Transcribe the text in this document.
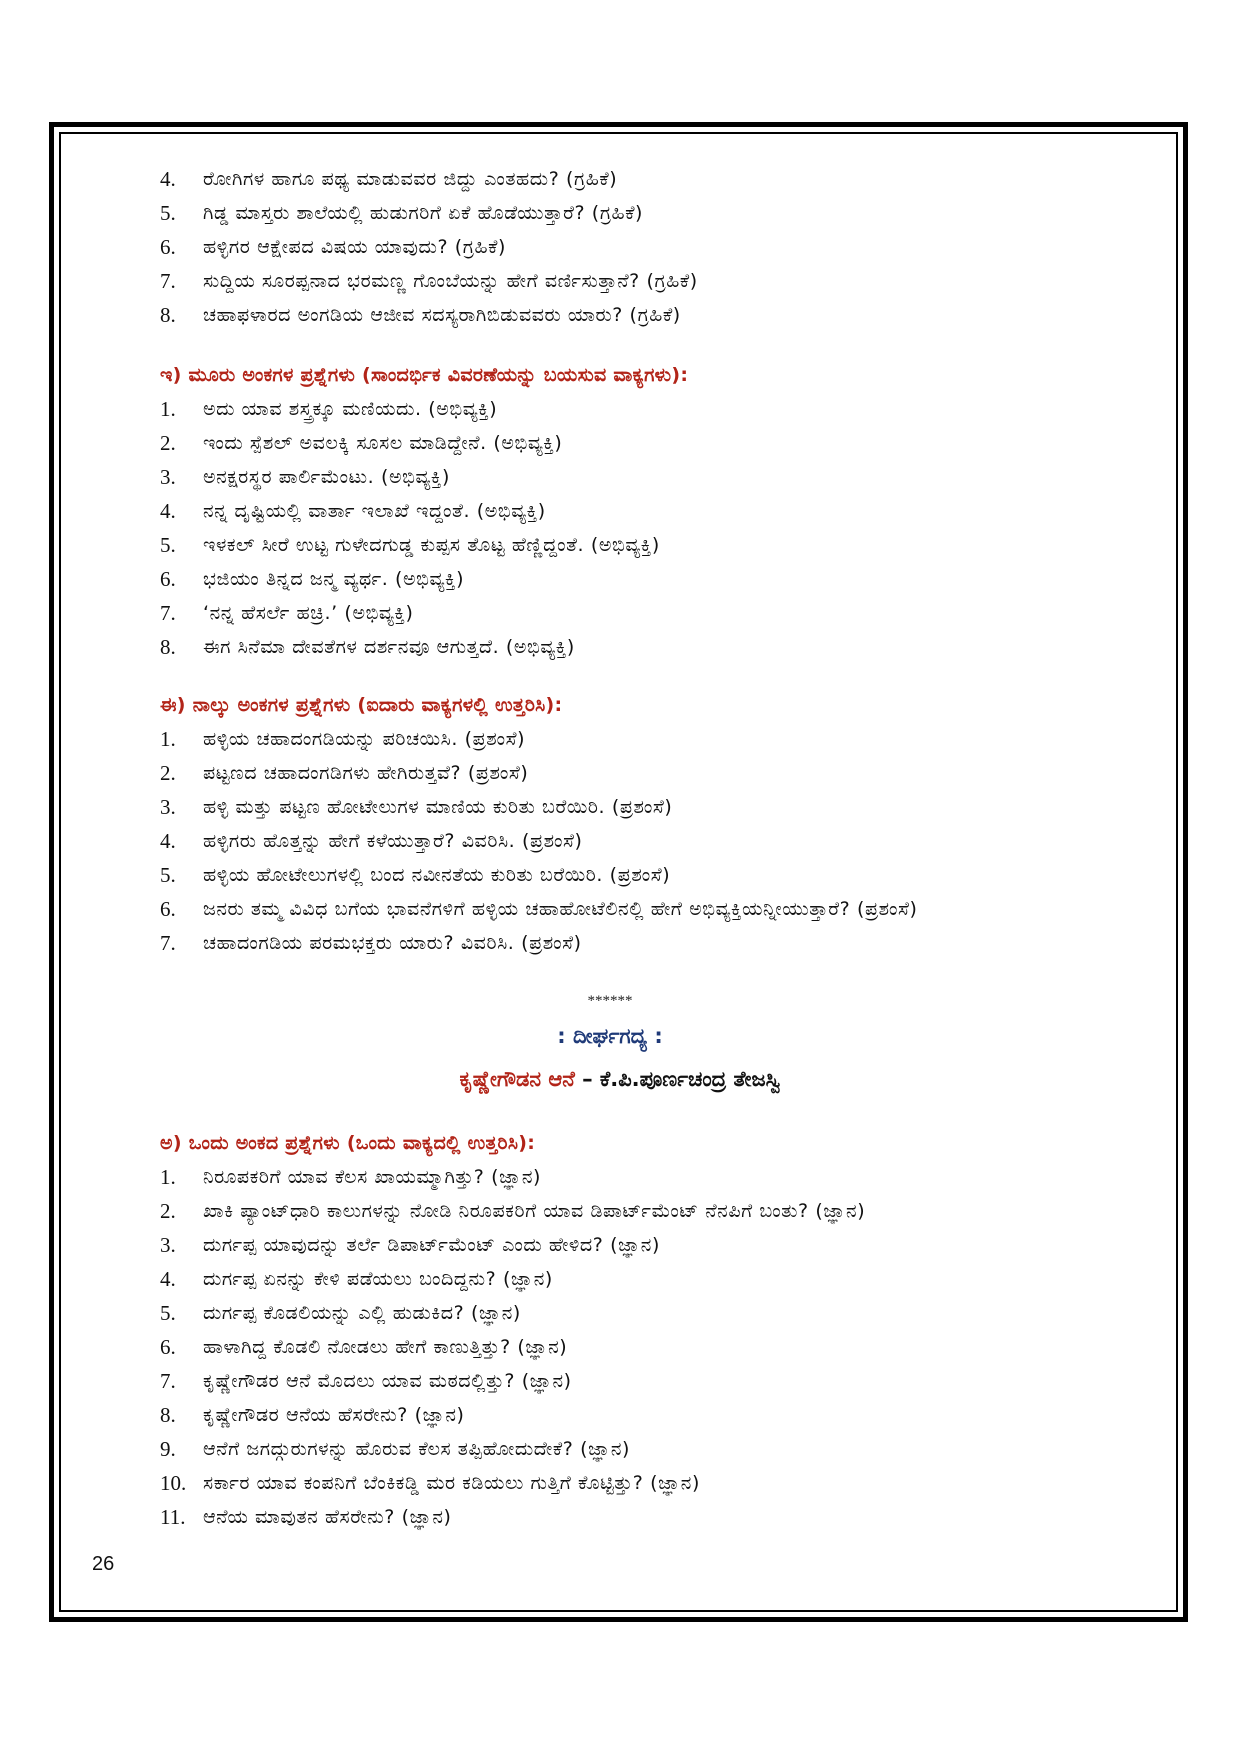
4.	ರೋಗಿಗಳ ಹಾಗೂ ಪಥ್ಯ ಮಾಡುವವರ ಜಿದ್ದು ಎಂತಹದು? (ಗ್ರಹಿಕೆ)
5.	ಗಿಡ್ಡ ಮಾಸ್ತರು ಶಾಲೆಯಲ್ಲಿ ಹುಡುಗರಿಗೆ ಏಕೆ ಹೊಡೆಯುತ್ತಾರೆ? (ಗ್ರಹಿಕೆ)
6.	ಹಳ್ಳಿಗರ ಆಕ್ಷೇಪದ ವಿಷಯ ಯಾವುದು? (ಗ್ರಹಿಕೆ)
7.	ಸುದ್ದಿಯ ಸೂರಪ್ಪನಾದ ಭರಮಣ್ಣ ಗೊಂಬೆಯನ್ನು ಹೇಗೆ ವರ್ಣಿಸುತ್ತಾನೆ? (ಗ್ರಹಿಕೆ)
8.	ಚಹಾಫಳಾರದ ಅಂಗಡಿಯ ಆಜೀವ ಸದಸ್ಯರಾಗಿಬಿಡುವವರು ಯಾರು? (ಗ್ರಹಿಕೆ)
ಇ) ಮೂರು ಅಂಕಗಳ ಪ್ರಶ್ನೆಗಳು (ಸಾಂದರ್ಭಿಕ ವಿವರಣೆಯನ್ನು ಬಯಸುವ ವಾಕ್ಯಗಳು):
1.	ಅದು ಯಾವ ಶಸ್ತ್ರಕ್ಕೂ ಮಣಿಯದು. (ಅಭಿವ್ಯಕ್ತಿ)
2.	ಇಂದು ಸ್ಪೆಶಲ್ ಅವಲಕ್ಕಿ ಸೂಸಲ ಮಾಡಿದ್ದೇನೆ. (ಅಭಿವ್ಯಕ್ತಿ)
3.	ಅನಕ್ಷರಸ್ಥರ ಪಾರ್ಲಿಮೆಂಟು. (ಅಭಿವ್ಯಕ್ತಿ)
4.	ನನ್ನ ದೃಷ್ಟಿಯಲ್ಲಿ ವಾರ್ತಾ ಇಲಾಖೆ ಇದ್ದಂತೆ. (ಅಭಿವ್ಯಕ್ತಿ)
5.	ಇಳಕಲ್ ಸೀರೆ ಉಟ್ಟ ಗುಳೇದಗುಡ್ಡ ಕುಪ್ಪಸ ತೊಟ್ಟ ಹೆಣ್ಣಿದ್ದಂತೆ. (ಅಭಿವ್ಯಕ್ತಿ)
6.	ಭಜಿಯಂ ತಿನ್ನದ ಜನ್ಮ ವ್ಯರ್ಥ. (ಅಭಿವ್ಯಕ್ತಿ)
7.	‘ನನ್ನ ಹೆಸರ್ಲೆ ಹಚ್ರಿ.’ (ಅಭಿವ್ಯಕ್ತಿ)
8.	ಈಗ ಸಿನೆಮಾ ದೇವತೆಗಳ ದರ್ಶನವೂ ಆಗುತ್ತದೆ. (ಅಭಿವ್ಯಕ್ತಿ)
ಈ) ನಾಲ್ಕು ಅಂಕಗಳ ಪ್ರಶ್ನೆಗಳು (ಐದಾರು ವಾಕ್ಯಗಳಲ್ಲಿ ಉತ್ತರಿಸಿ):
1.	ಹಳ್ಳಿಯ ಚಹಾದಂಗಡಿಯನ್ನು ಪರಿಚಯಿಸಿ. (ಪ್ರಶಂಸೆ)
2.	ಪಟ್ಟಣದ ಚಹಾದಂಗಡಿಗಳು ಹೇಗಿರುತ್ತವೆ? (ಪ್ರಶಂಸೆ)
3.	ಹಳ್ಳಿ ಮತ್ತು ಪಟ್ಟಣ ಹೋಟೇಲುಗಳ ಮಾಣಿಯ ಕುರಿತು ಬರೆಯಿರಿ. (ಪ್ರಶಂಸೆ)
4.	ಹಳ್ಳಿಗರು ಹೊತ್ತನ್ನು ಹೇಗೆ ಕಳೆಯುತ್ತಾರೆ? ವಿವರಿಸಿ. (ಪ್ರಶಂಸೆ)
5.	ಹಳ್ಳಿಯ ಹೋಟೇಲುಗಳಲ್ಲಿ ಬಂದ ನವೀನತೆಯ ಕುರಿತು ಬರೆಯಿರಿ. (ಪ್ರಶಂಸೆ)
6.	ಜನರು ತಮ್ಮ ವಿವಿಧ ಬಗೆಯ ಭಾವನೆಗಳಿಗೆ ಹಳ್ಳಿಯ ಚಹಾಹೋಟೆಲಿನಲ್ಲಿ ಹೇಗೆ ಅಭಿವ್ಯಕ್ತಿಯನ್ನೀಯುತ್ತಾರೆ? (ಪ್ರಶಂಸೆ)
7.	ಚಹಾದಂಗಡಿಯ ಪರಮಭಕ್ತರು ಯಾರು? ವಿವರಿಸಿ. (ಪ್ರಶಂಸೆ)
******
: ದೀರ್ಘಗದ್ಯ :
ಕೃಷ್ಣೇಗೌಡನ ಆನೆ – ಕೆ.ಪಿ.ಪೂರ್ಣಚಂದ್ರ ತೇಜಸ್ವಿ
ಅ) ಒಂದು ಅಂಕದ ಪ್ರಶ್ನೆಗಳು (ಒಂದು ವಾಕ್ಯದಲ್ಲಿ ಉತ್ತರಿಸಿ):
1.	ನಿರೂಪಕರಿಗೆ ಯಾವ ಕೆಲಸ ಖಾಯಮ್ಮಾಗಿತ್ತು? (ಜ್ಞಾನ)
2.	ಖಾಕಿ ಪ್ಯಾಂಟ್‌ಧಾರಿ ಕಾಲುಗಳನ್ನು ನೋಡಿ ನಿರೂಪಕರಿಗೆ ಯಾವ ಡಿಪಾರ್ಟ್‌ಮೆಂಟ್ ನೆನಪಿಗೆ ಬಂತು? (ಜ್ಞಾನ)
3.	ದುರ್ಗಪ್ಪ ಯಾವುದನ್ನು ತರ್ಲೆ ಡಿಪಾರ್ಟ್‌ಮೆಂಟ್ ಎಂದು ಹೇಳಿದ? (ಜ್ಞಾನ)
4.	ದುರ್ಗಪ್ಪ ಏನನ್ನು ಕೇಳಿ ಪಡೆಯಲು ಬಂದಿದ್ದನು? (ಜ್ಞಾನ)
5.	ದುರ್ಗಪ್ಪ ಕೊಡಲಿಯನ್ನು ಎಲ್ಲಿ ಹುಡುಕಿದ? (ಜ್ಞಾನ)
6.	ಹಾಳಾಗಿದ್ದ ಕೊಡಲಿ ನೋಡಲು ಹೇಗೆ ಕಾಣುತ್ತಿತ್ತು? (ಜ್ಞಾನ)
7.	ಕೃಷ್ಣೇಗೌಡರ ಆನೆ ಮೊದಲು ಯಾವ ಮಠದಲ್ಲಿತ್ತು? (ಜ್ಞಾನ)
8.	ಕೃಷ್ಣೇಗೌಡರ ಆನೆಯ ಹೆಸರೇನು? (ಜ್ಞಾನ)
9.	ಆನೆಗೆ ಜಗದ್ಗುರುಗಳನ್ನು ಹೊರುವ ಕೆಲಸ ತಪ್ಪಿಹೋದುದೇಕೆ? (ಜ್ಞಾನ)
10. ಸರ್ಕಾರ ಯಾವ ಕಂಪನಿಗೆ ಬೆಂಕಿಕಡ್ಡಿ ಮರ ಕಡಿಯಲು ಗುತ್ತಿಗೆ ಕೊಟ್ಟಿತ್ತು? (ಜ್ಞಾನ)
11. ಆನೆಯ ಮಾವುತನ ಹೆಸರೇನು? (ಜ್ಞಾನ)
26
